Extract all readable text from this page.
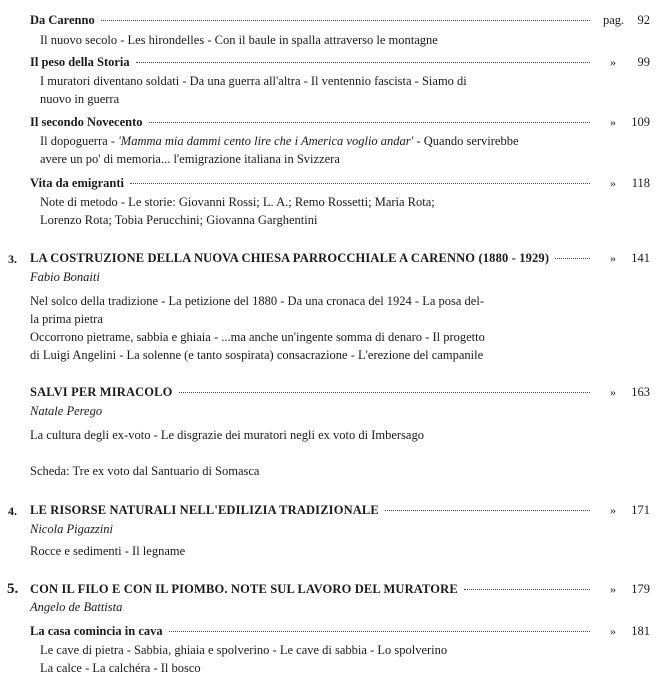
Da Carenno	pag.	92
Il nuovo secolo - Les hirondelles - Con il baule in spalla attraverso le montagne
Il peso della Storia	»	99
I muratori diventano soldati - Da una guerra all'altra - Il ventennio fascista - Siamo di
nuovo in guerra
Il secondo Novecento	»	109
Il dopoguerra - 'Mamma mia dammi cento lire che i America voglio andar' - Quando servirebbe
avere un po' di memoria... l'emigrazione italiana in Svizzera
Vita da emigranti	»	118
Note di metodo - Le storie: Giovanni Rossi; L. A.; Remo Rossetti; Maria Rota;
Lorenzo Rota; Tobia Perucchini; Giovanna Garghentini
3. LA COSTRUZIONE DELLA NUOVA CHIESA PARROCCHIALE A CARENNO (1880 - 1929)	»	141
Fabio Bonaiti
Nel solco della tradizione - La petizione del 1880 - Da una cronaca del 1924 - La posa del-
la prima pietra
Occorrono pietrame, sabbia e ghiaia - ...ma anche un'ingente somma di denaro - Il progetto
di Luigi Angelini - La solenne (e tanto sospirata) consacrazione - L'erezione del campanile
SALVI PER MIRACOLO	»	163
Natale Perego
La cultura degli ex-voto - Le disgrazie dei muratori negli ex voto di Imbersago
Scheda: Tre ex voto dal Santuario di Somasca
4. LE RISORSE NATURALI NELL'EDILIZIA TRADIZIONALE	»	171
Nicola Pigazzini
Rocce e sedimenti - Il legname
5. CON IL FILO E CON IL PIOMBO. NOTE SUL LAVORO DEL MURATORE	»	179
Angelo de Battista
La casa comincia in cava	»	181
Le cave di pietra - Sabbia, ghiaia e spolverino - Le cave di sabbia - Lo spolverino
La calce - La calchéra - Il bosco
